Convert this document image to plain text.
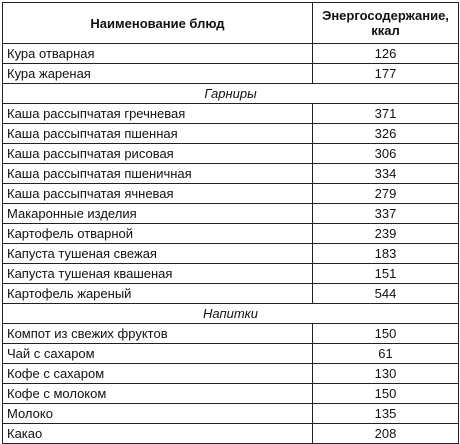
Наименование блюд	Энергосодержание, ккал
Кура отварная	126
Кура жареная	177
Гарниры	
Каша рассыпчатая гречневая	371
Каша рассыпчатая пшенная	326
Каша рассыпчатая рисовая	306
Каша рассыпчатая пшеничная	334
Каша рассыпчатая ячневая	279
Макаронные изделия	337
Картофель отварной	239
Капуста тушеная свежая	183
Капуста тушеная квашеная	151
Картофель жареный	544
Напитки	
Компот из свежих фруктов	150
Чай с сахаром	61
Кофе с сахаром	130
Кофе с молоком	150
Молоко	135
Какао	208
